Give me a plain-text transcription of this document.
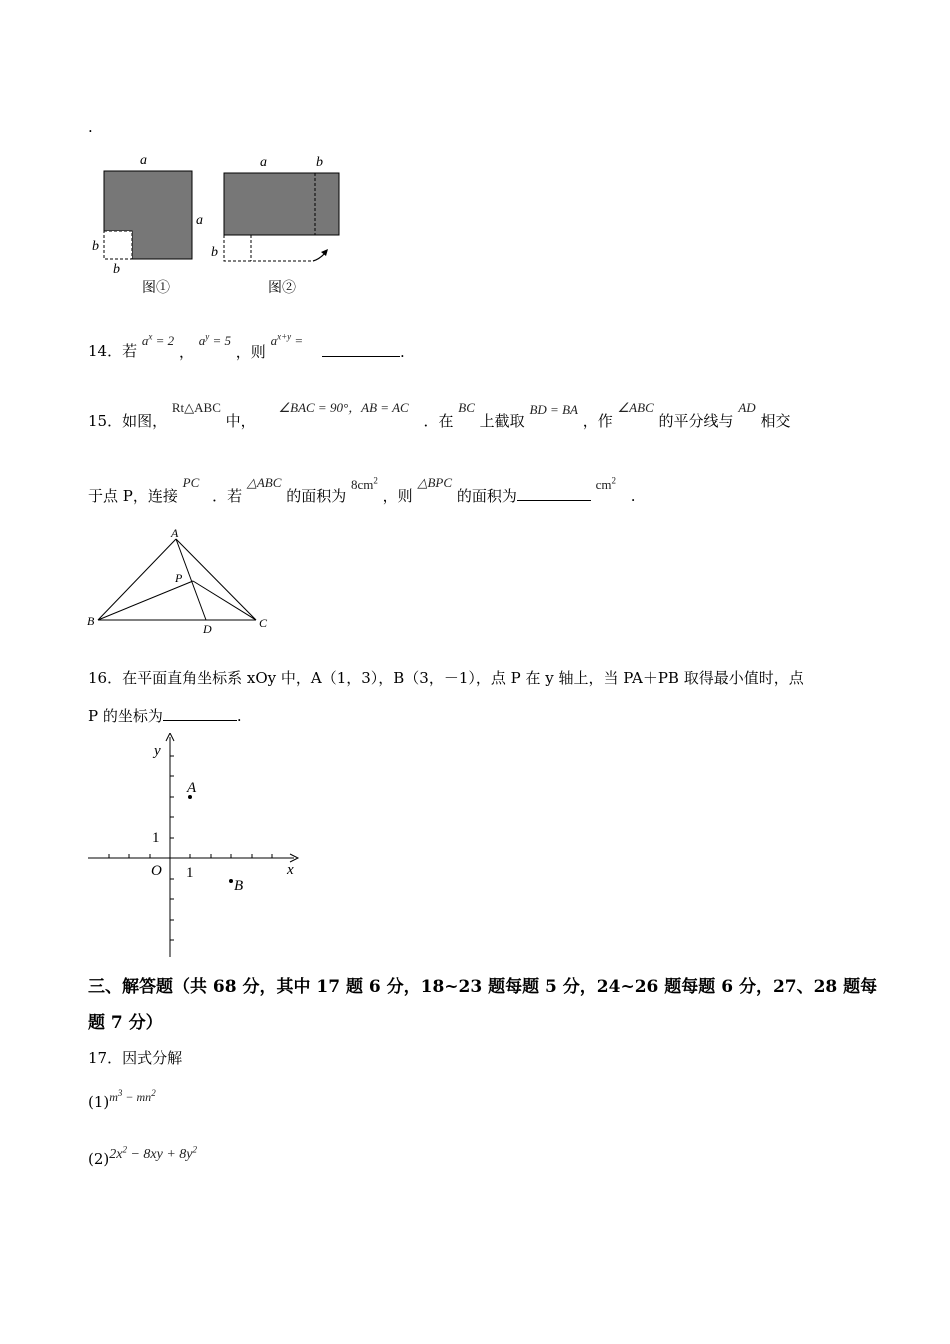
.
a
a
b
b
图①
a	b
b
图②
14．若 $a^x = 2$ ， $a^y = 5$ ，则 $a^{x+y}$ = .
15．如图， Rt△ABC 中， ∠BAC = 90°，AB = AC ．在 BC 上截取 BD = BA ，作 ∠ABC 的平分线与 AD 相交
于点 P，连接 PC ．若 △ABC 的面积为 $8cm^2$ ，则 △BPC 的面积为 $cm^2$ .
A
B	C
D
P
16．在平面直角坐标系 xOy 中，A（1，3），B（3，－1），点 P 在 y 轴上，当 PA＋PB 取得最小值时，点
P 的坐标为	.
y
x
O 1
1
A
B
三、解答题（共 68 分，其中 17 题 6 分，18~23 题每题 5 分，24~26 题每题 6 分，27、28 题每
题 7 分）
17．因式分解
$(1)^{m^3 - mn^2}$
$(2)2x^2 - 8xy + 8y^2$
